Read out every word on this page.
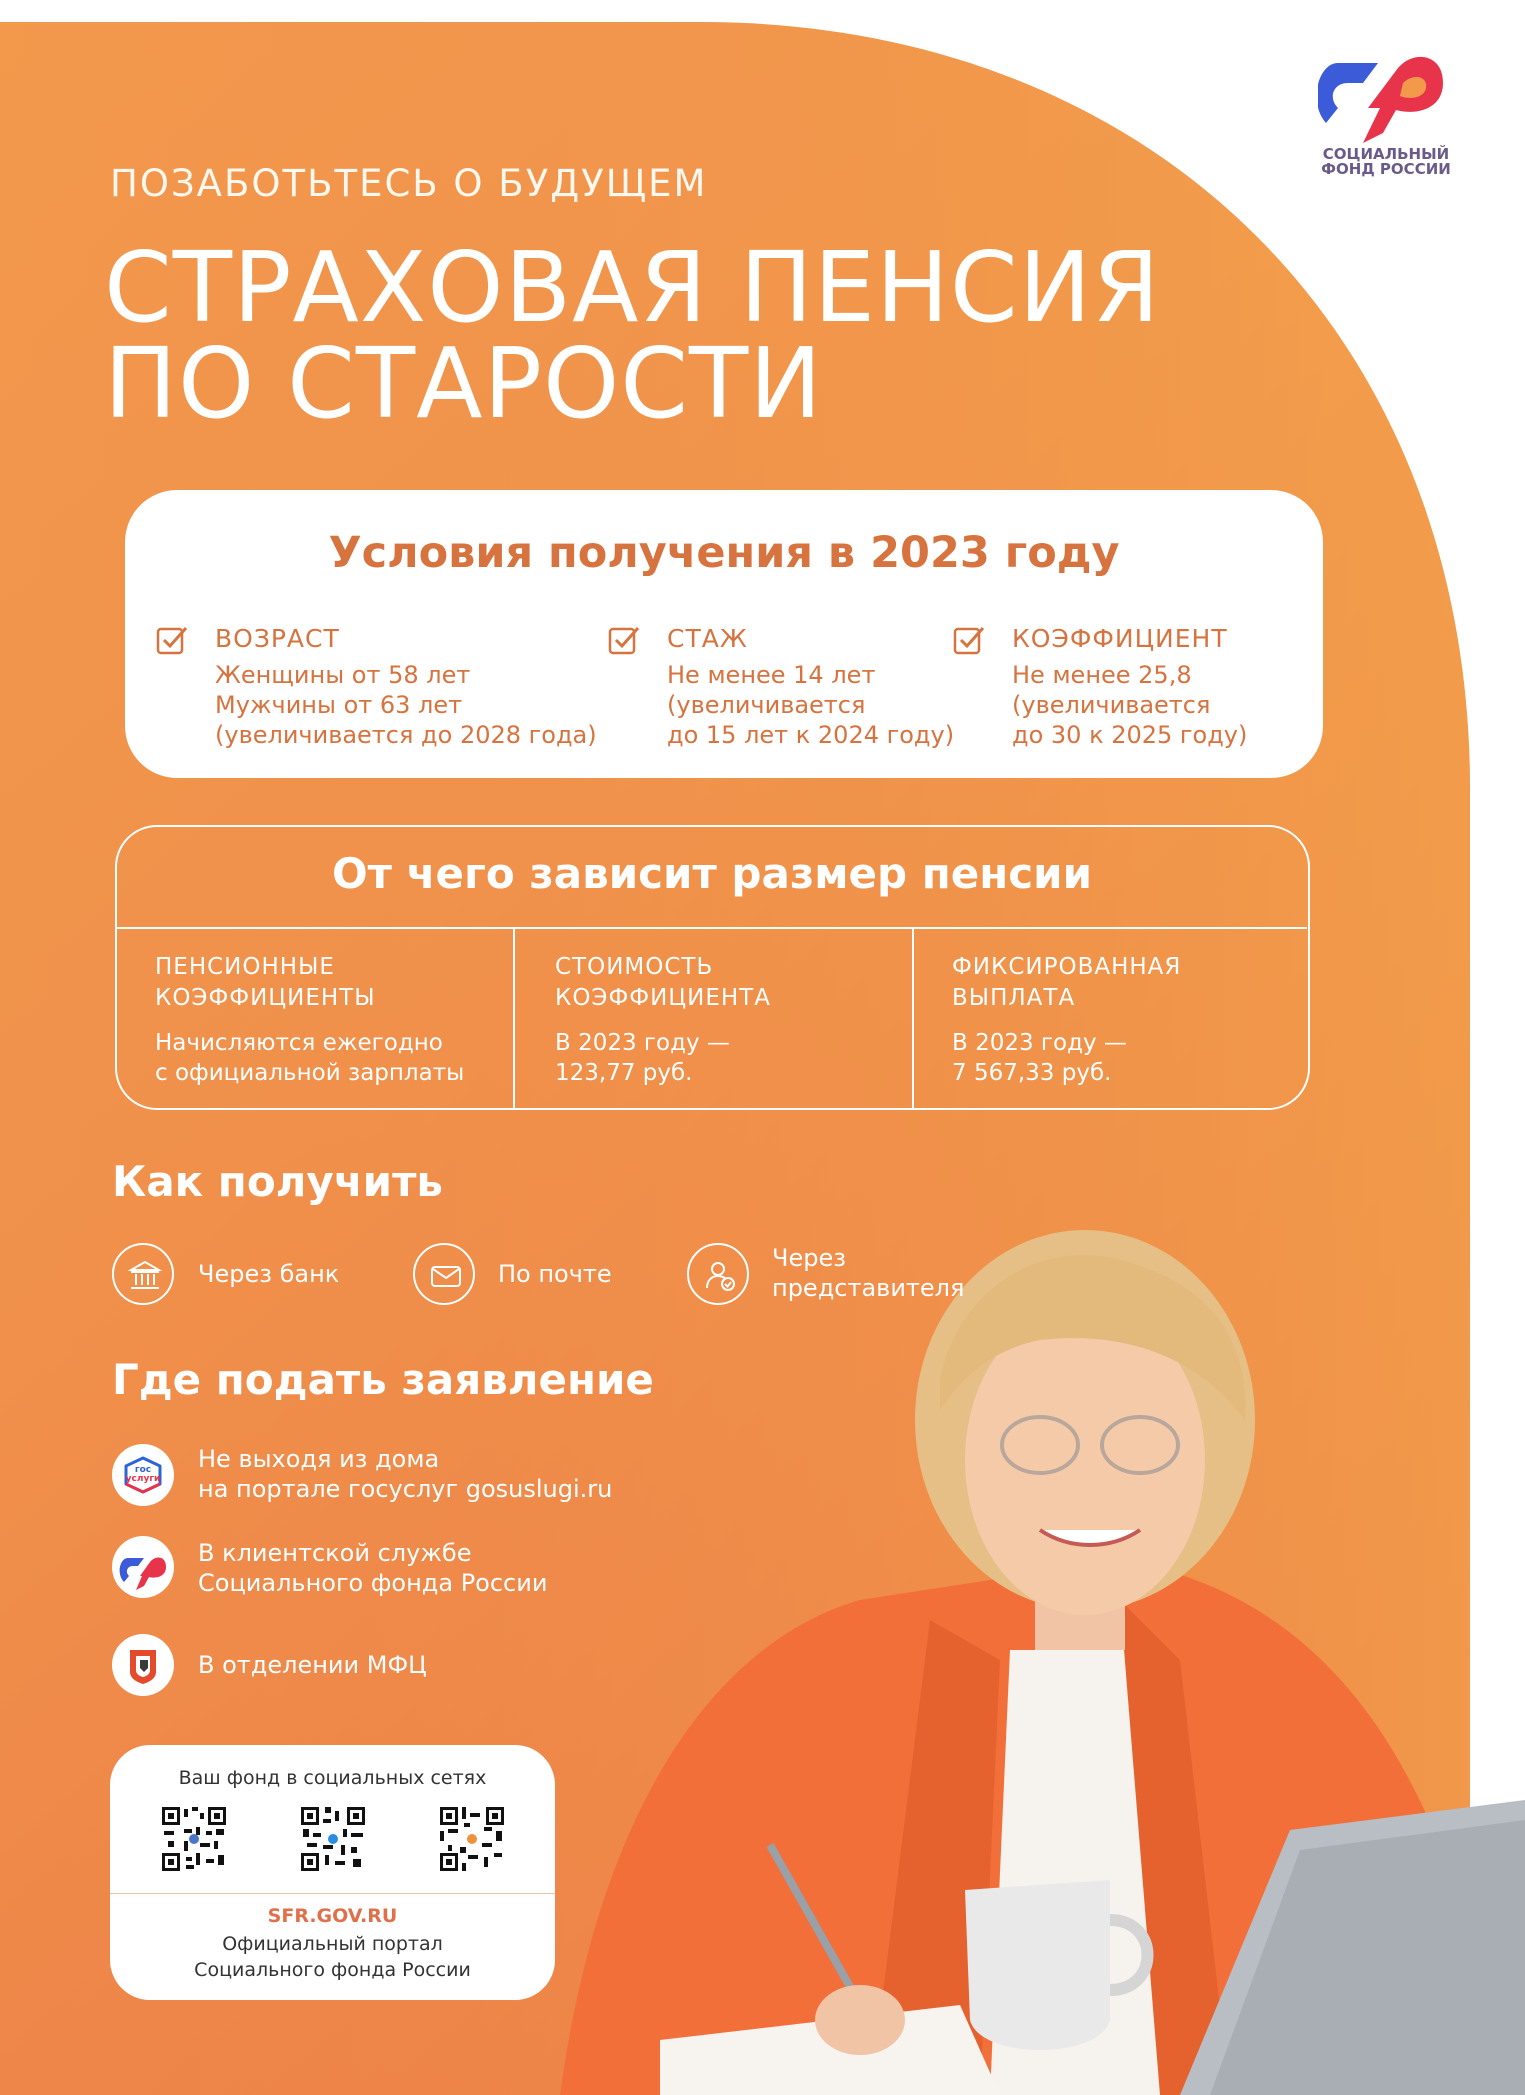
СОЦИАЛЬНЫЙ
ФОНД РОССИИ
ПОЗАБОТЬТЕСЬ О БУДУЩЕМ
СТРАХОВАЯ ПЕНСИЯ
ПО СТАРОСТИ
Условия получения в 2023 году
ВОЗРАСТ
Женщины от 58 лет
Мужчины от 63 лет
(увеличивается до 2028 года)
СТАЖ
Не менее 14 лет
(увеличивается
до 15 лет к 2024 году)
КОЭФФИЦИЕНТ
Не менее 25,8
(увеличивается
до 30 к 2025 году)
От чего зависит размер пенсии
ПЕНСИОННЫЕ
КОЭФФИЦИЕНТЫ
Начисляются ежегодно
с официальной зарплаты
СТОИМОСТЬ
КОЭФФИЦИЕНТА
В 2023 году —
123,77 руб.
ФИКСИРОВАННАЯ
ВЫПЛАТА
В 2023 году —
7 567,33 руб.
Как получить
Через банк	По почте
Через
представителя
Где подать заявление
гос
услуги
Не выходя из дома
на портале госуслуг gosuslugi.ru
В клиентской службе
Социального фонда России
В отделении МФЦ
Ваш фонд в социальных сетях
SFR.GOV.RU
Официальный портал
Социального фонда России
